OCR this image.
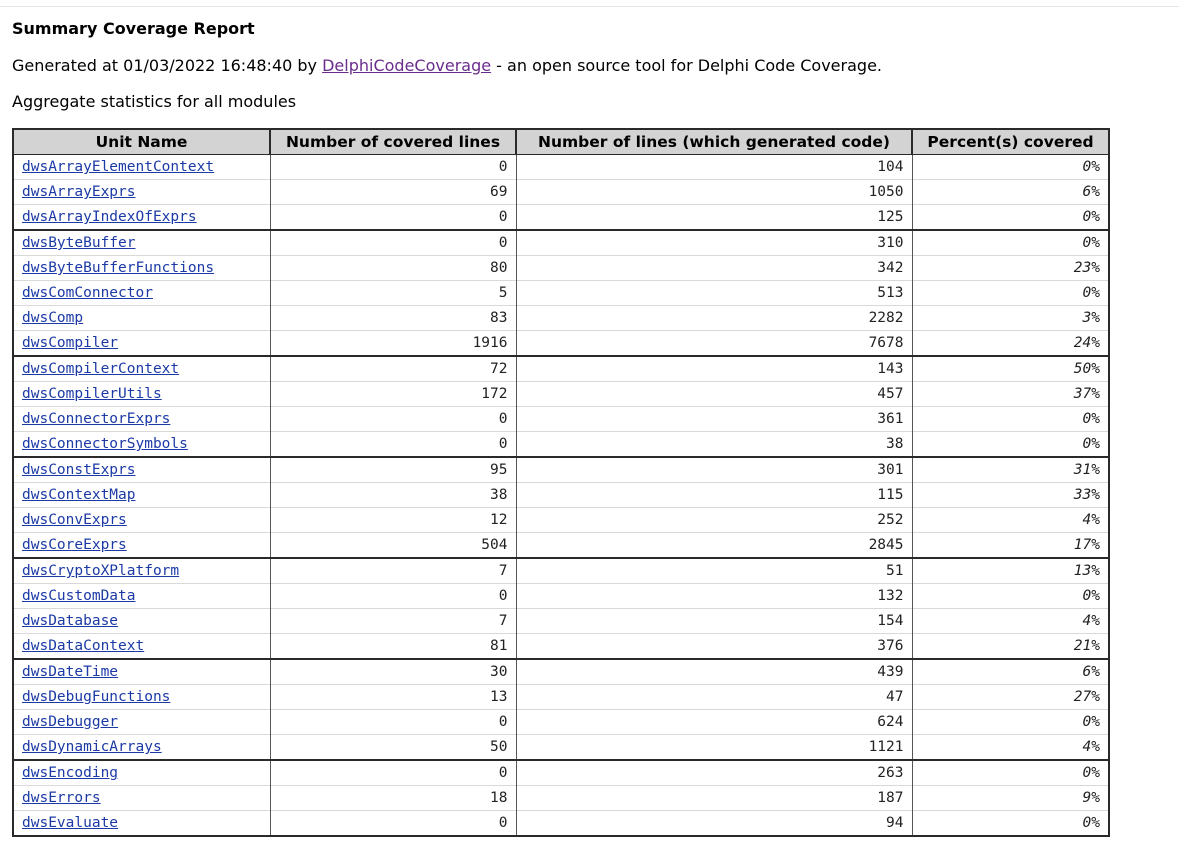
Summary Coverage Report
Generated at 01/03/2022 16:48:40 by DelphiCodeCoverage - an open source tool for Delphi Code Coverage.
Aggregate statistics for all modules
Unit Name	Number of covered lines	Number of lines (which generated code)	Percent(s) covered
dwsArrayElementContext	0	104	0%
dwsArrayExprs	69	1050	6%
dwsArrayIndexOfExprs	0	125	0%
dwsByteBuffer	0	310	0%
dwsByteBufferFunctions	80	342	23%
dwsComConnector	5	513	0%
dwsComp	83	2282	3%
dwsCompiler	1916	7678	24%
dwsCompilerContext	72	143	50%
dwsCompilerUtils	172	457	37%
dwsConnectorExprs	0	361	0%
dwsConnectorSymbols	0	38	0%
dwsConstExprs	95	301	31%
dwsContextMap	38	115	33%
dwsConvExprs	12	252	4%
dwsCoreExprs	504	2845	17%
dwsCryptoXPlatform	7	51	13%
dwsCustomData	0	132	0%
dwsDatabase	7	154	4%
dwsDataContext	81	376	21%
dwsDateTime	30	439	6%
dwsDebugFunctions	13	47	27%
dwsDebugger	0	624	0%
dwsDynamicArrays	50	1121	4%
dwsEncoding	0	263	0%
dwsErrors	18	187	9%
dwsEvaluate	0	94	0%
